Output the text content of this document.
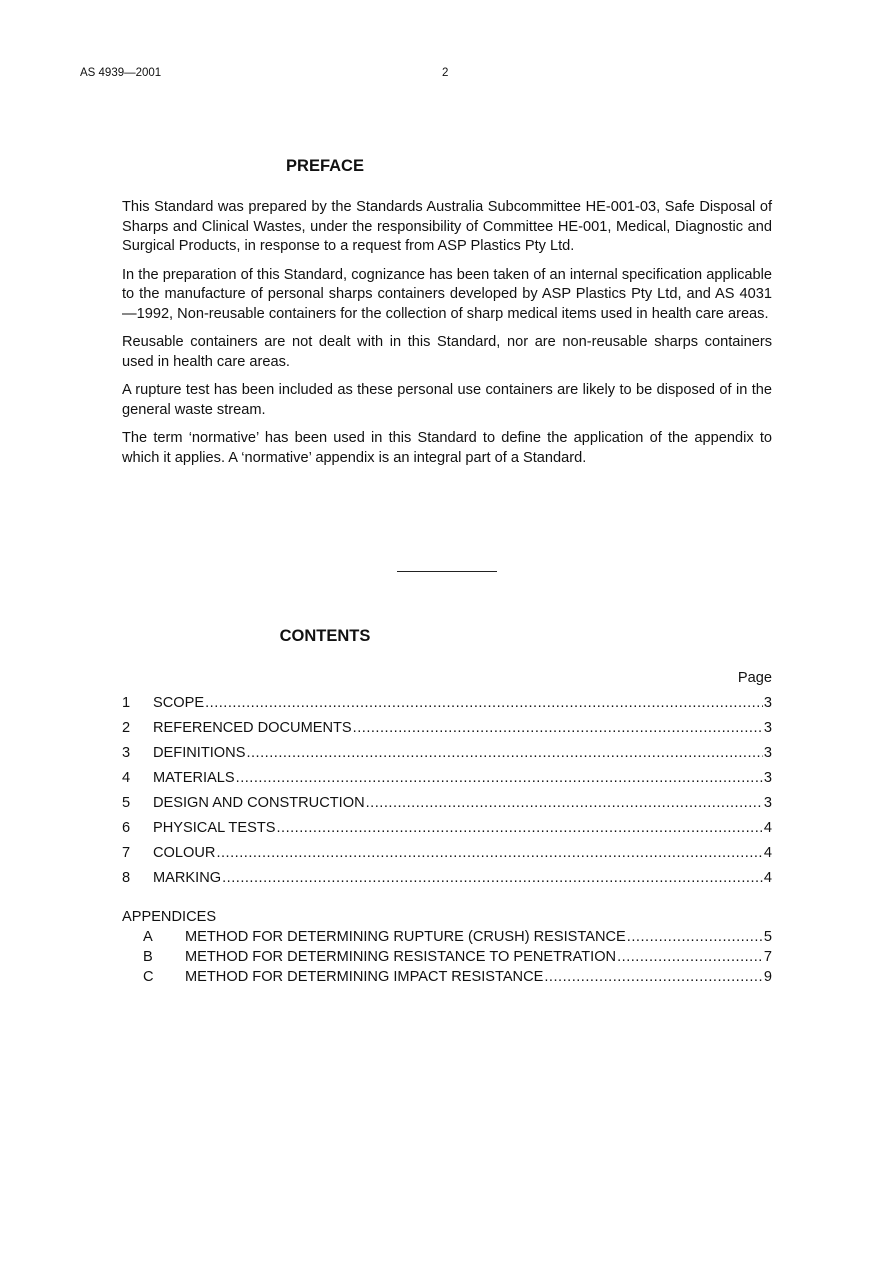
AS 4939—2001	2
PREFACE

This Standard was prepared by the Standards Australia Subcommittee HE-001-03, Safe Disposal of Sharps and Clinical Wastes, under the responsibility of Committee HE-001, Medical, Diagnostic and Surgical Products, in response to a request from ASP Plastics Pty Ltd.

In the preparation of this Standard, cognizance has been taken of an internal specification applicable to the manufacture of personal sharps containers developed by ASP Plastics Pty Ltd, and AS 4031—1992, Non-reusable containers for the collection of sharp medical items used in health care areas.

Reusable containers are not dealt with in this Standard, nor are non-reusable sharps containers used in health care areas.

A rupture test has been included as these personal use containers are likely to be disposed of in the general waste stream.

The term ‘normative’ has been used in this Standard to define the application of the appendix to which it applies. A ‘normative’ appendix is an integral part of a Standard.

CONTENTS
Page
1	SCOPE .....	3
2	REFERENCED DOCUMENTS .....	3
3	DEFINITIONS .....	3
4	MATERIALS .....	3
5	DESIGN AND CONSTRUCTION .....	3
6	PHYSICAL TESTS .....	4
7	COLOUR .....	4
8	MARKING .....	4
APPENDICES
A	METHOD FOR DETERMINING RUPTURE (CRUSH) RESISTANCE .....	5
B	METHOD FOR DETERMINING RESISTANCE TO PENETRATION .....	7
C	METHOD FOR DETERMINING IMPACT RESISTANCE .....	9
